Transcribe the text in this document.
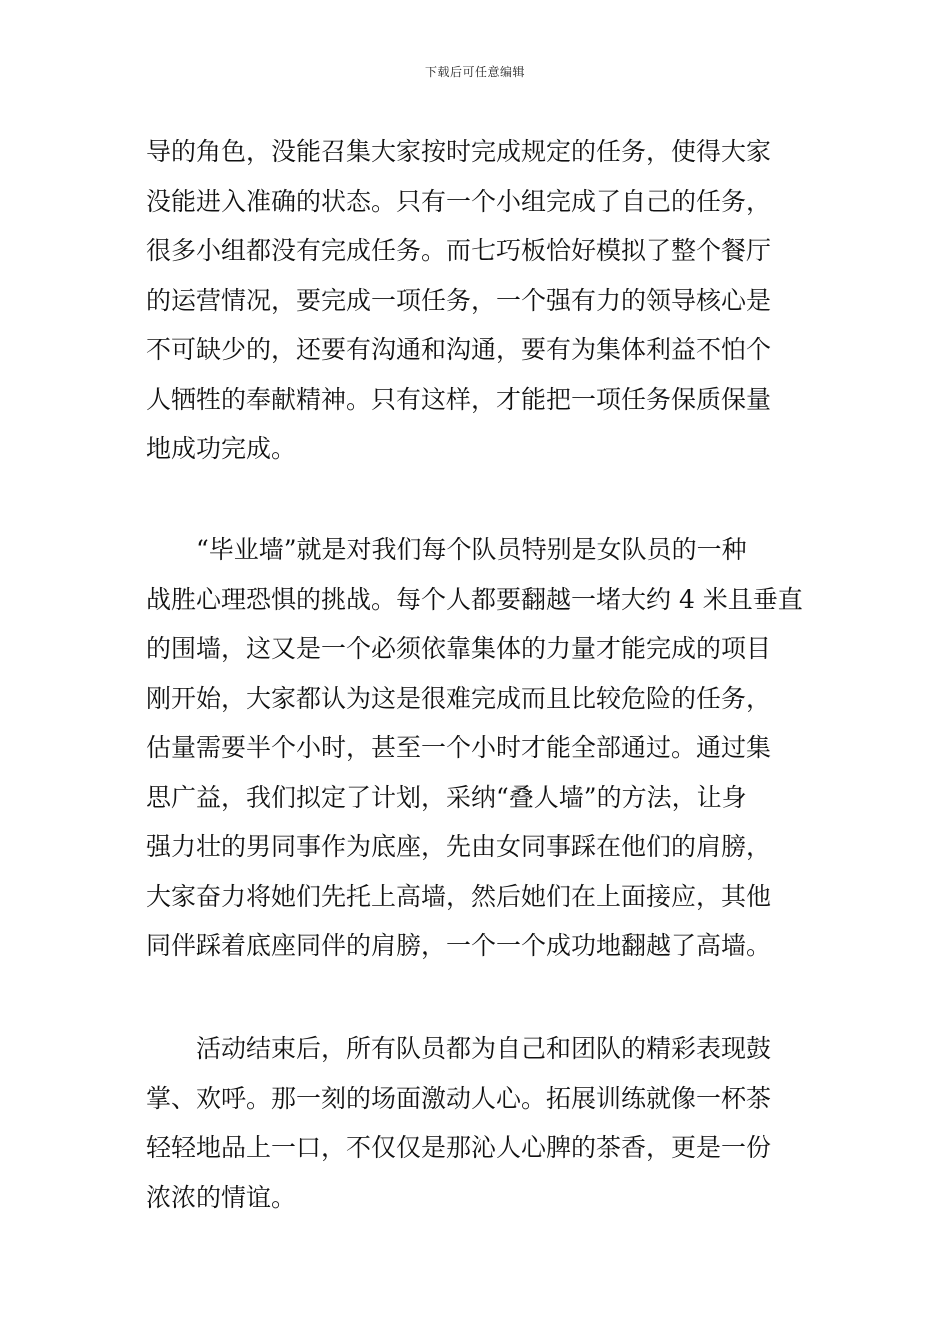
下载后可任意编辑
导的角色，没能召集大家按时完成规定的任务，使得大家
没能进入准确的状态。只有一个小组完成了自己的任务，
很多小组都没有完成任务。而七巧板恰好模拟了整个餐厅
的运营情况，要完成一项任务，一个强有力的领导核心是
不可缺少的，还要有沟通和沟通，要有为集体利益不怕个
人牺牲的奉献精神。只有这样，才能把一项任务保质保量
地成功完成。
“毕业墙”就是对我们每个队员特别是女队员的一种
战胜心理恐惧的挑战。每个人都要翻越一堵大约 4 米且垂直
的围墙，这又是一个必须依靠集体的力量才能完成的项目
刚开始，大家都认为这是很难完成而且比较危险的任务，
估量需要半个小时，甚至一个小时才能全部通过。通过集
思广益，我们拟定了计划，采纳“叠人墙”的方法，让身
强力壮的男同事作为底座，先由女同事踩在他们的肩膀，
大家奋力将她们先托上高墙，然后她们在上面接应，其他
同伴踩着底座同伴的肩膀，一个一个成功地翻越了高墙。
活动结束后，所有队员都为自己和团队的精彩表现鼓
掌、欢呼。那一刻的场面激动人心。拓展训练就像一杯茶
轻轻地品上一口，不仅仅是那沁人心脾的茶香，更是一份
浓浓的情谊。
